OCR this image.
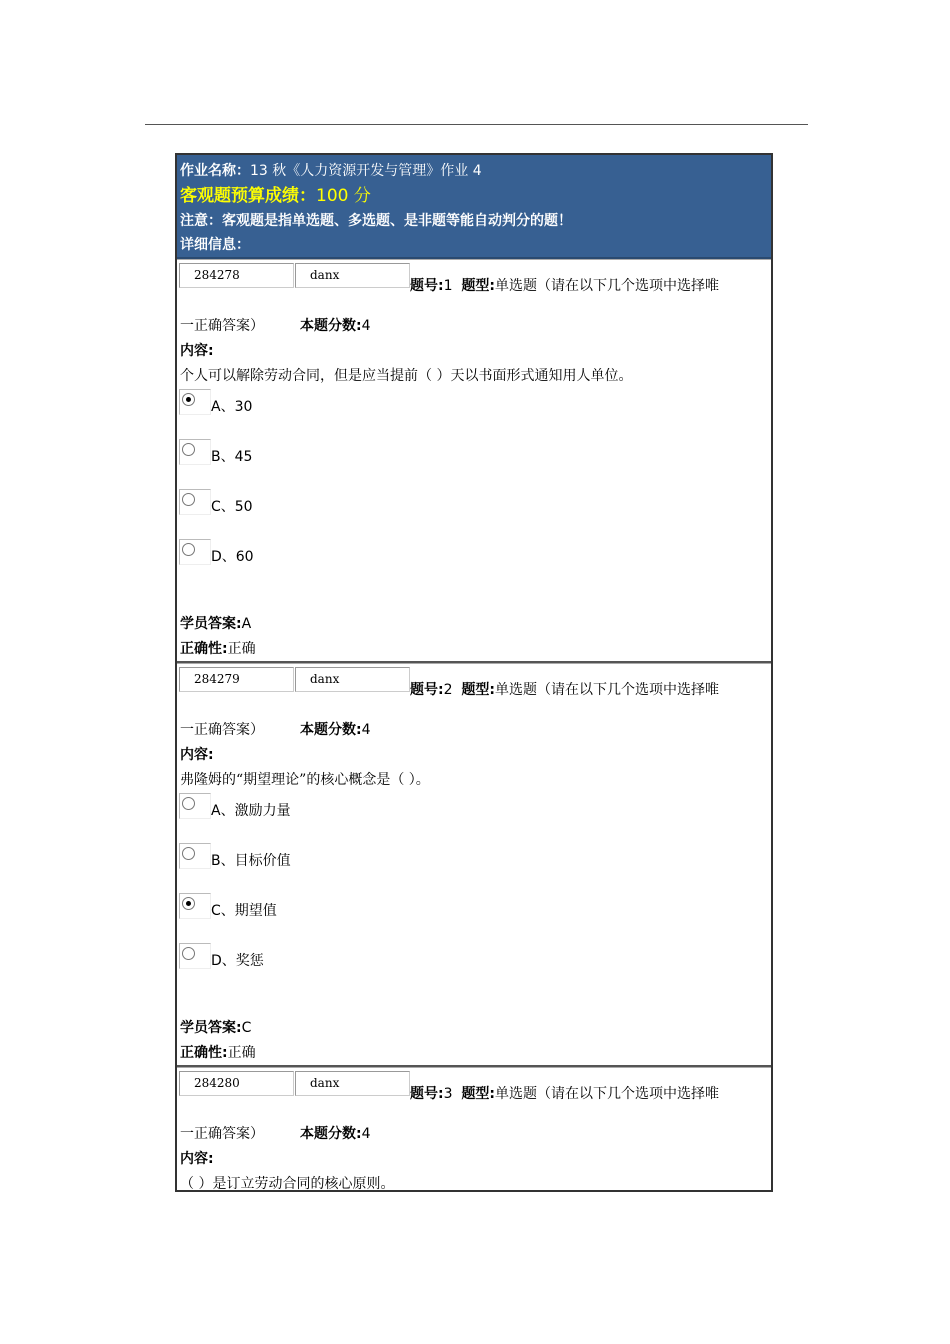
作业名称：13 秋《人力资源开发与管理》作业 4
客观题预算成绩：100 分
注意：客观题是指单选题、多选题、是非题等能自动判分的题！
详细信息：
284278	danx
题号:1 题型:单选题（请在以下几个选项中选择唯
一正确答案）	本题分数:4
内容:
个人可以解除劳动合同，但是应当提前（ ）天以书面形式通知用人单位。
A、30
B、45
C、50
D、60
学员答案:A
正确性:正确
284279	danx
题号:2 题型:单选题（请在以下几个选项中选择唯
一正确答案）	本题分数:4
内容:
弗隆姆的“期望理论”的核心概念是（ ）。
A、激励力量
B、目标价值
C、期望值
D、奖惩
学员答案:C
正确性:正确
284280	danx
题号:3 题型:单选题（请在以下几个选项中选择唯
一正确答案）	本题分数:4
内容:
（ ）是订立劳动合同的核心原则。
